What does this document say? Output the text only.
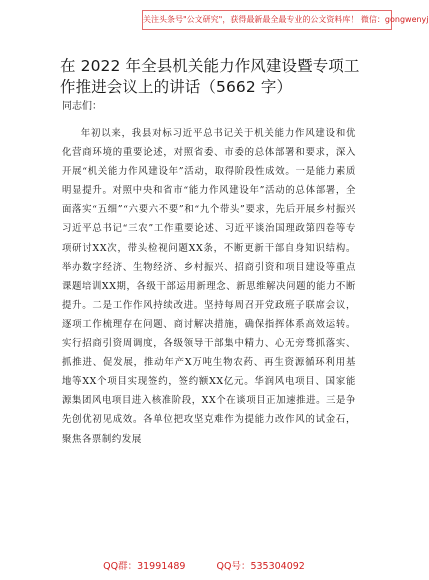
关注头条号"公文研究"，获得最新最全最专业的公文资料库！ 微信：gongwenyj
在 2022 年全县机关能力作风建设暨专项工作推进会议上的讲话（5662 字）
同志们：

年初以来，我县对标习近平总书记关于机关能力作风建设和优化营商环境的重要论述，对照省委、市委的总体部署和要求，深入开展“机关能力作风建设年”活动，取得阶段性成效。一是能力素质明显提升。对照中央和省市“能力作风建设年”活动的总体部署，全面落实“五细”“六要六不要”和“九个带头”要求，先后开展乡村振兴习近平总书记“三农”工作重要论述、习近平谈治国理政第四卷等专项研讨XX次，带头检视问题XX条，不断更新干部自身知识结构。举办数字经济、生物经济、乡村振兴、招商引资和项目建设等重点课题培训XX期，各级干部运用新理念、新思维解决问题的能力不断提升。二是工作作风持续改进。坚持每周召开党政班子联席会议，逐项工作梳理存在问题、商讨解决措施，确保指挥体系高效运转。实行招商引资周调度，各级领导干部集中精力、心无旁骛抓落实、抓推进、促发展，推动年产X万吨生物农药、再生资源循环利用基地等XX个项目实现签约，签约额XX亿元。华润风电项目、国家能源集团风电项目进入核准阶段，XX个在谈项目正加速推进。三是争先创优初见成效。各单位把攻坚克难作为提能力改作风的试金石，聚焦各票制约发展

QQ群：31991489	QQ号：535304092
